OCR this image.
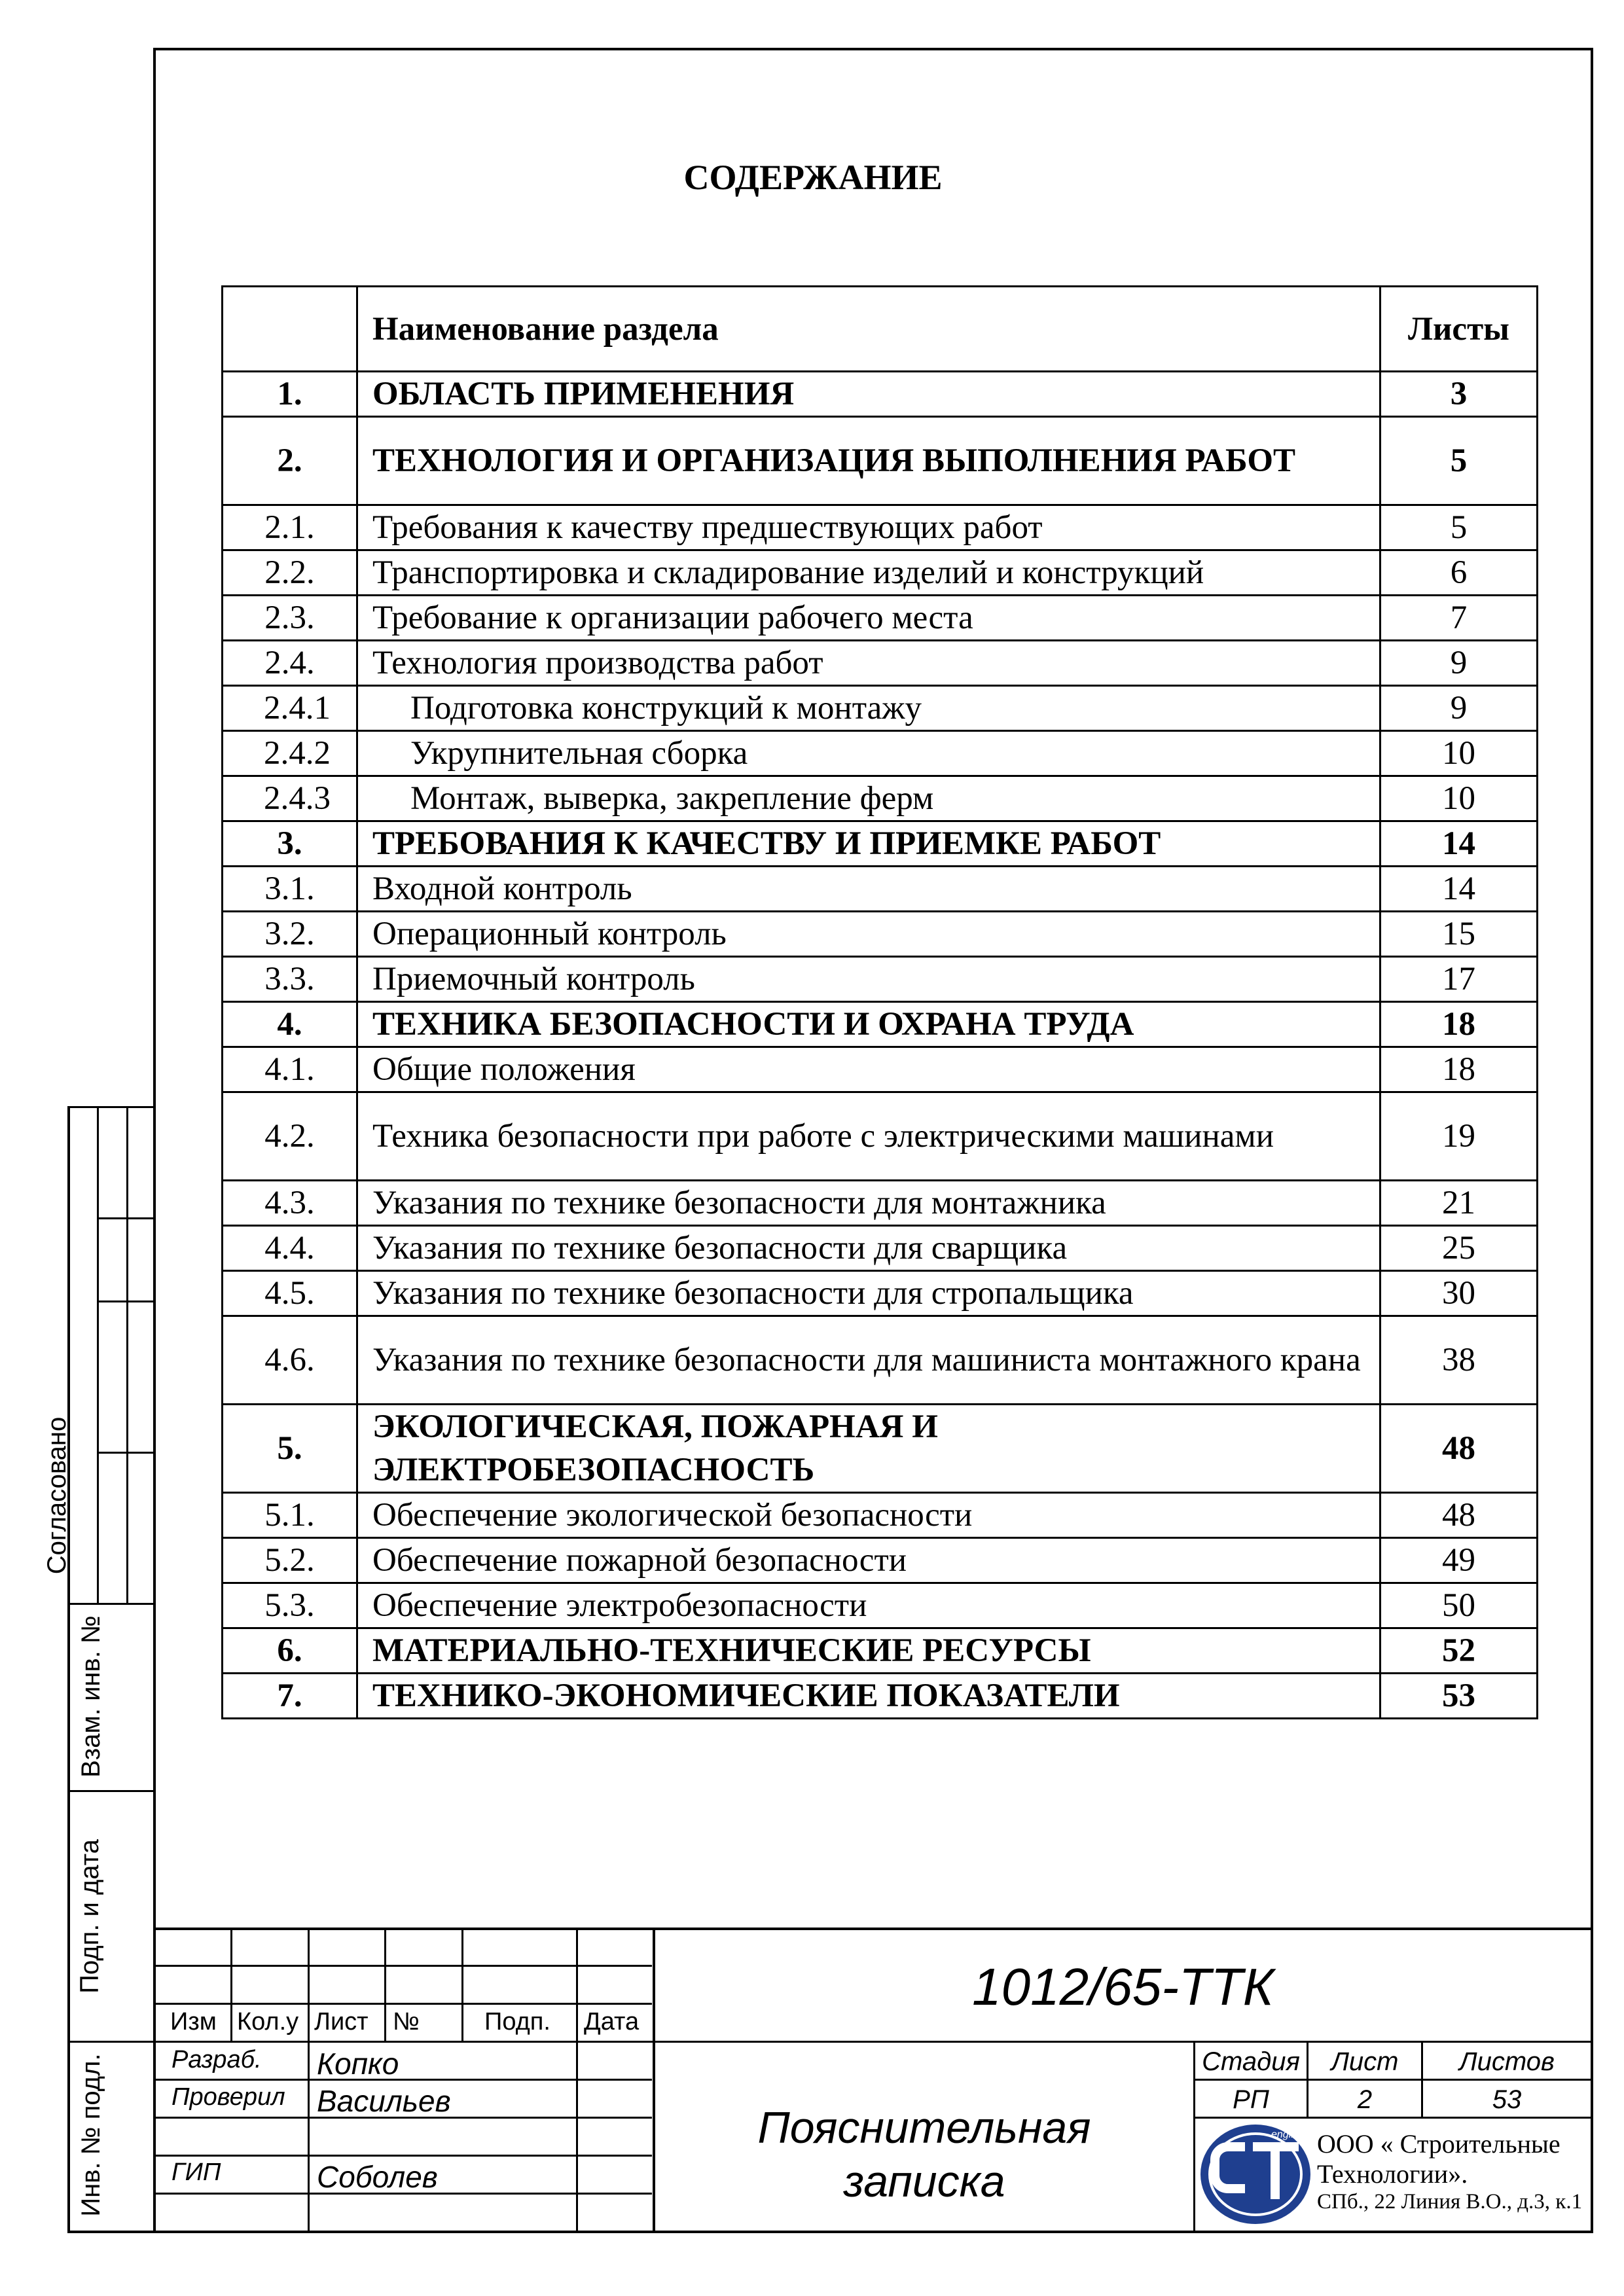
СОДЕРЖАНИЕ
	Наименование раздела	Листы
1.	ОБЛАСТЬ ПРИМЕНЕНИЯ	3
2.	ТЕХНОЛОГИЯ И ОРГАНИЗАЦИЯ ВЫПОЛНЕНИЯ РАБОТ	5
2.1.	Требования к качеству предшествующих работ	5
2.2.	Транспортировка и складирование изделий и конструкций	6
2.3.	Требование к организации рабочего места	7
2.4.	Технология производства работ	9
2.4.1	Подготовка конструкций к монтажу	9
2.4.2	Укрупнительная сборка	10
2.4.3	Монтаж, выверка, закрепление ферм	10
3.	ТРЕБОВАНИЯ К КАЧЕСТВУ И ПРИЕМКЕ РАБОТ	14
3.1.	Входной контроль	14
3.2.	Операционный контроль	15
3.3.	Приемочный контроль	17
4.	ТЕХНИКА БЕЗОПАСНОСТИ И ОХРАНА ТРУДА	18
4.1.	Общие положения	18
4.2.	Техника безопасности при работе с электрическими машинами	19
4.3.	Указания по технике безопасности для монтажника	21
4.4.	Указания по технике безопасности для сварщика	25
4.5.	Указания по технике безопасности для стропальщика	30
4.6.	Указания по технике безопасности для машиниста монтажного крана	38
5.	ЭКОЛОГИЧЕСКАЯ, ПОЖАРНАЯ И ЭЛЕКТРОБЕЗОПАСНОСТЬ	48
5.1.	Обеспечение экологической безопасности	48
5.2.	Обеспечение пожарной безопасности	49
5.3.	Обеспечение электробезопасности	50
6.	МАТЕРИАЛЬНО-ТЕХНИЧЕСКИЕ РЕСУРСЫ	52
7.	ТЕХНИКО-ЭКОНОМИЧЕСКИЕ ПОКАЗАТЕЛИ	53
Согласовано
Взам. инв. №
Подп. и дата
Инв. № подл.
1012/65-ТТК
Изм Кол.у Лист №	Подп. Дата
Разраб. Копко
Проверил Васильев
ГИП	Соболев
Пояснительная
записка
Стадия	Лист	Листов
РП	2	53
engineering
ООО « Строительные
Технологии».
СПб., 22 Линия В.О., д.3, к.1
